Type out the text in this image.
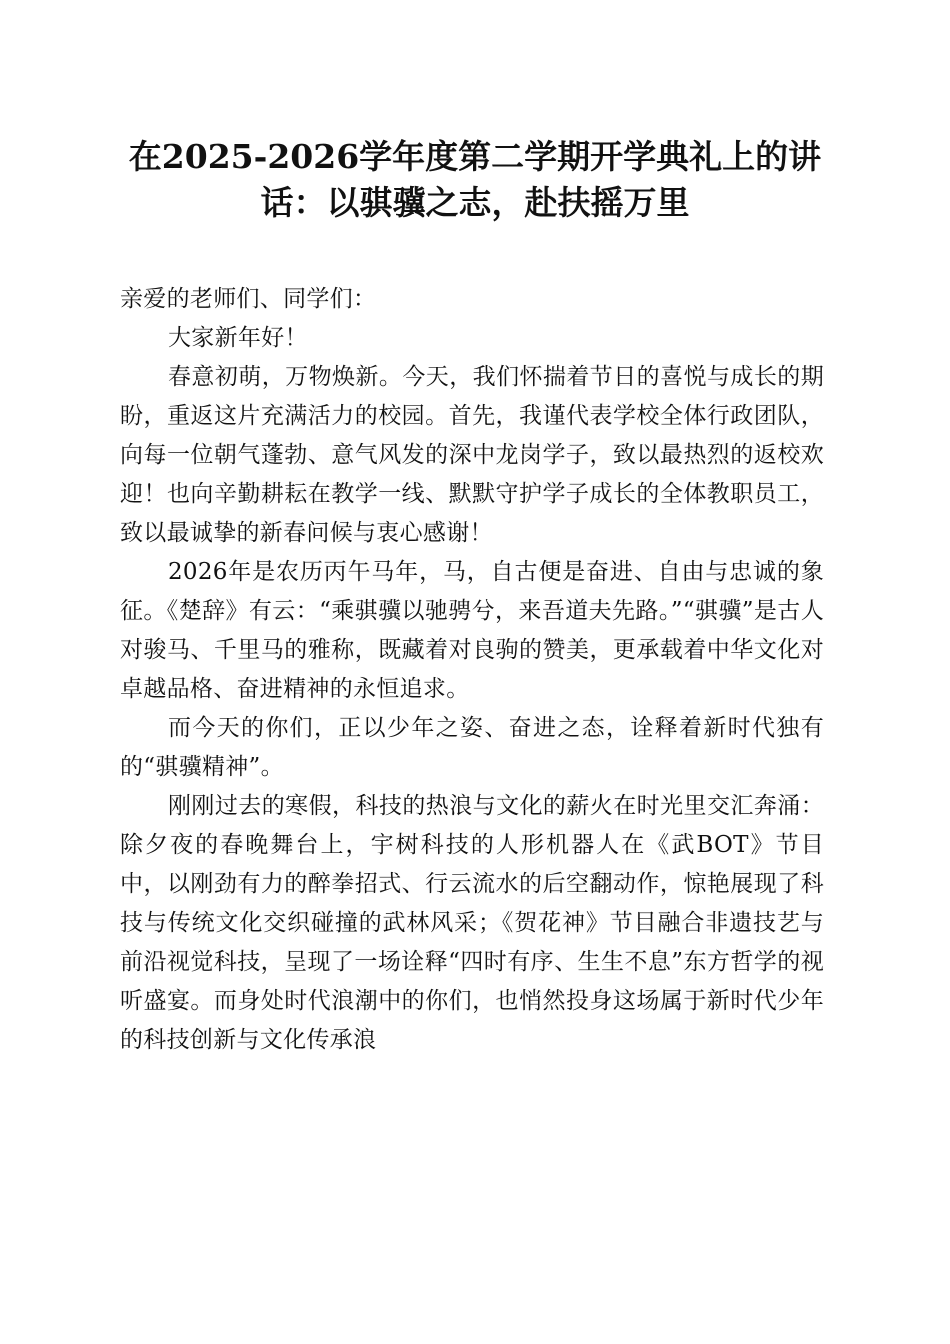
在2025-2026学年度第二学期开学典礼上的讲话：以骐骥之志，赴扶摇万里

亲爱的老师们、同学们：

大家新年好！

春意初萌，万物焕新。今天，我们怀揣着节日的喜悦与成长的期盼，重返这片充满活力的校园。首先，我谨代表学校全体行政团队，向每一位朝气蓬勃、意气风发的深中龙岗学子，致以最热烈的返校欢迎！也向辛勤耕耘在教学一线、默默守护学子成长的全体教职员工，致以最诚挚的新春问候与衷心感谢！

2026年是农历丙午马年，马，自古便是奋进、自由与忠诚的象征。《楚辞》有云：“乘骐骥以驰骋兮，来吾道夫先路。”“骐骥”是古人对骏马、千里马的雅称，既藏着对良驹的赞美，更承载着中华文化对卓越品格、奋进精神的永恒追求。

而今天的你们，正以少年之姿、奋进之态，诠释着新时代独有的“骐骥精神”。

刚刚过去的寒假，科技的热浪与文化的薪火在时光里交汇奔涌：除夕夜的春晚舞台上，宇树科技的人形机器人在《武BOT》节目中，以刚劲有力的醉拳招式、行云流水的后空翻动作，惊艳展现了科技与传统文化交织碰撞的武林风采；《贺花神》节目融合非遗技艺与前沿视觉科技，呈现了一场诠释“四时有序、生生不息”东方哲学的视听盛宴。而身处时代浪潮中的你们，也悄然投身这场属于新时代少年的科技创新与文化传承浪
